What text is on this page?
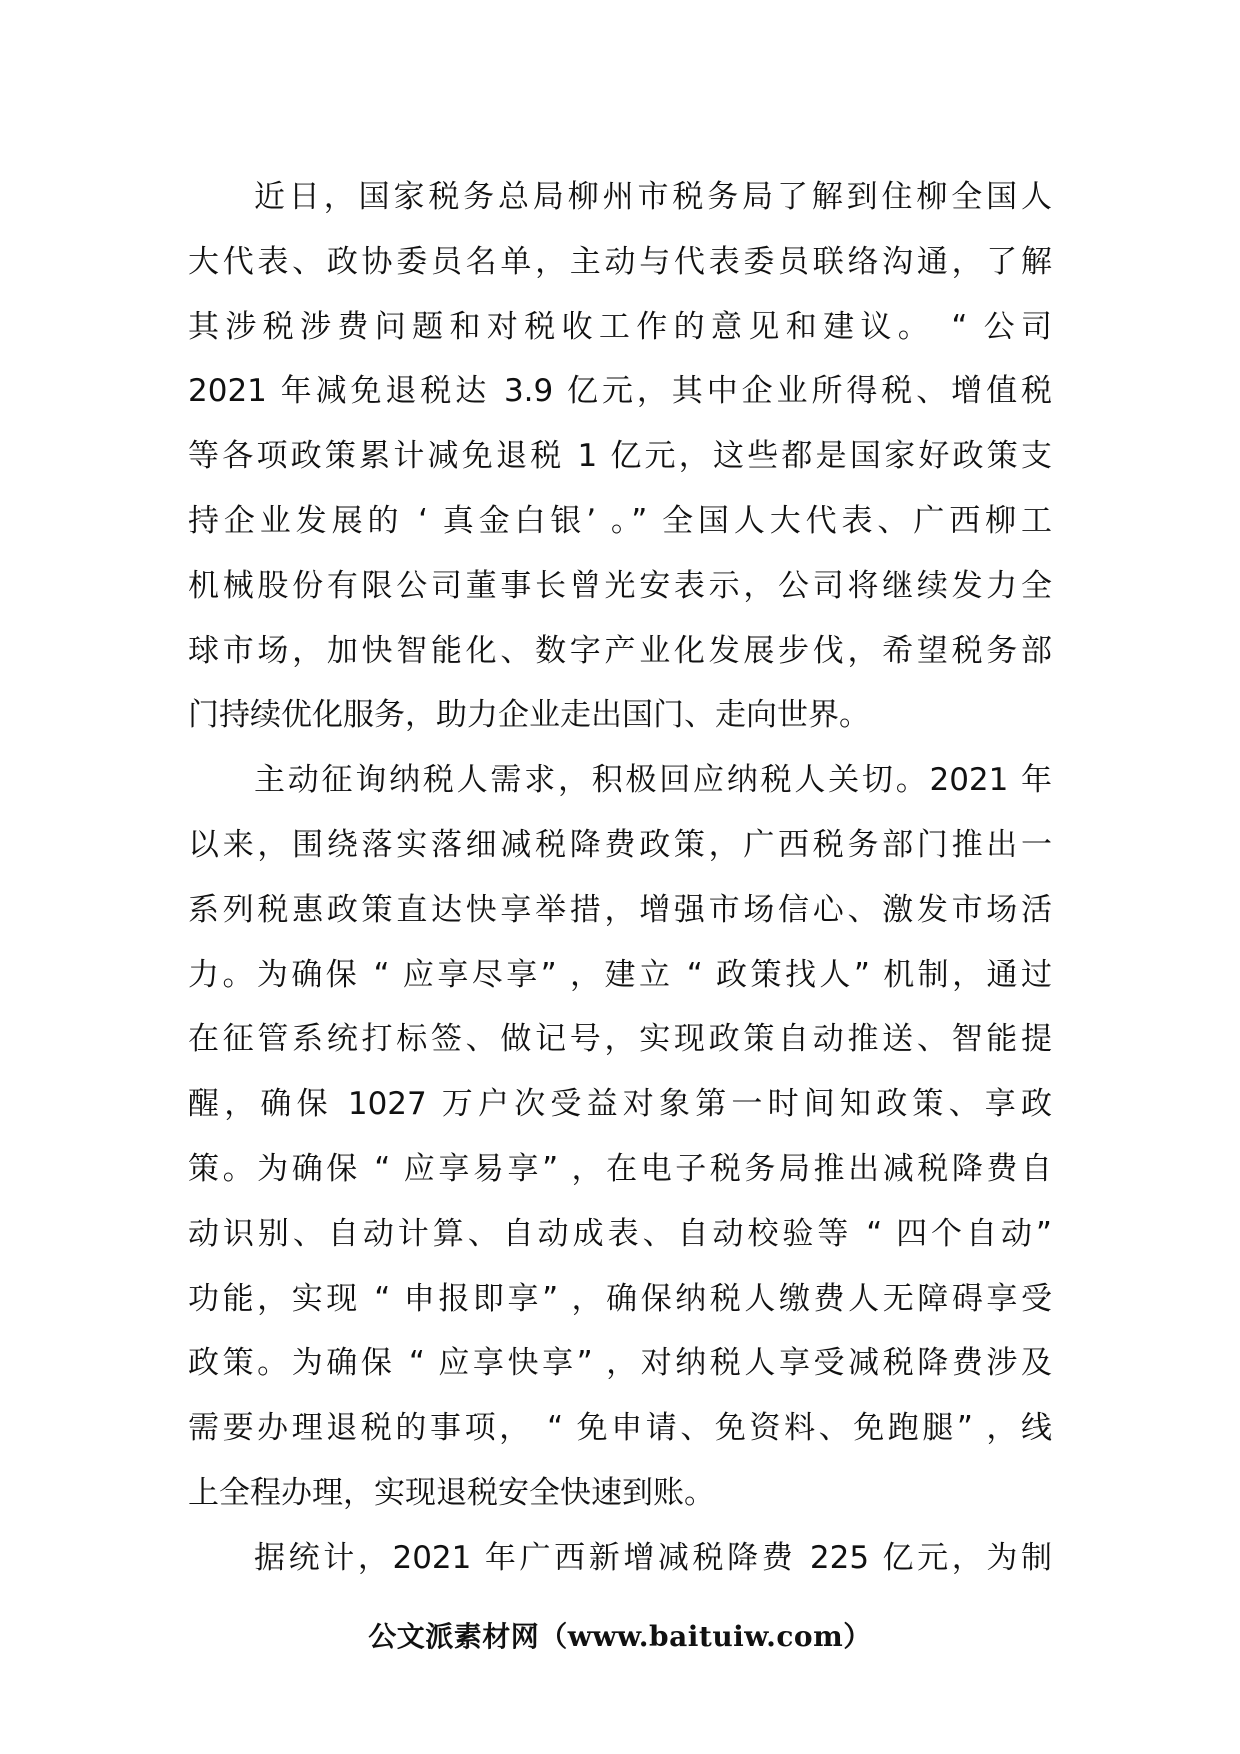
近日，国家税务总局柳州市税务局了解到住柳全国人
大代表、政协委员名单，主动与代表委员联络沟通，了解
其涉税涉费问题和对税收工作的意见和建议。 “ 公司
2021 年减免退税达 3.9 亿元，其中企业所得税、增值税
等各项政策累计减免退税 1 亿元，这些都是国家好政策支
持企业发展的 ‘ 真金白银’ 。” 全国人大代表、广西柳工
机械股份有限公司董事长曾光安表示，公司将继续发力全
球市场，加快智能化、数字产业化发展步伐，希望税务部
门持续优化服务，助力企业走出国门、走向世界。
主动征询纳税人需求，积极回应纳税人关切。2021 年
以来，围绕落实落细减税降费政策，广西税务部门推出一
系列税惠政策直达快享举措，增强市场信心、激发市场活
力。为确保 “ 应享尽享” ，建立 “ 政策找人” 机制，通过
在征管系统打标签、做记号，实现政策自动推送、智能提
醒，确保 1027 万户次受益对象第一时间知政策、享政
策。为确保 “ 应享易享” ，在电子税务局推出减税降费自
动识别、自动计算、自动成表、自动校验等 “ 四个自动”
功能，实现 “ 申报即享” ，确保纳税人缴费人无障碍享受
政策。为确保 “ 应享快享” ，对纳税人享受减税降费涉及
需要办理退税的事项， “ 免申请、免资料、免跑腿” ，线
上全程办理，实现退税安全快速到账。
据统计，2021 年广西新增减税降费 225 亿元，为制
公文派素材网（www.baituiw.com）
